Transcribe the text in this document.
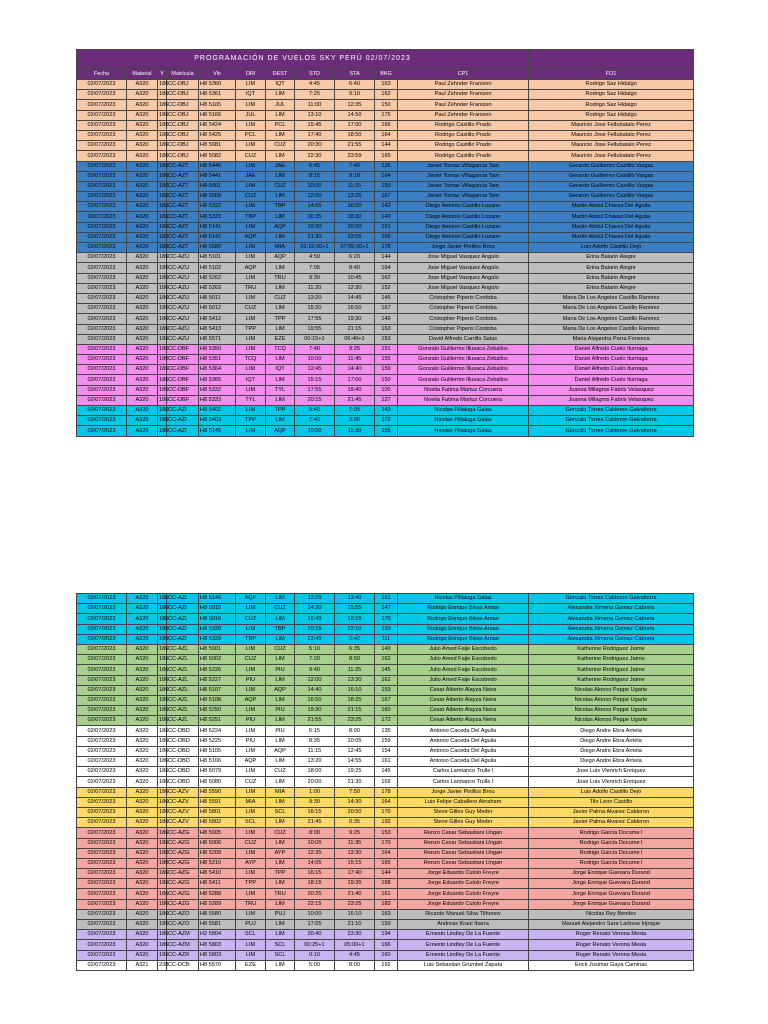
PROGRAMACIÓN DE VUELOS SKY PERÚ 02/07/2023											
Fecha	Material	Y	Matrícula	Vlo	ORI	DEST	STD	STA	BKG	CP1	FO1
02/07/2023	A320	186	CC-DBJ	H8 5360	LIM	IQT	4:45	6:40	163	Paul Zehnder Franizen	Rodrigo Saz Hidalgo
02/07/2023	A320	186	CC-DBJ	H8 5361	IQT	LIM	7:25	9:10	162	Paul Zehnder Franizen	Rodrigo Saz Hidalgo
02/07/2023	A320	186	CC-DBJ	H8 5165	LIM	JUL	11:00	12:35	150	Paul Zehnder Franizen	Rodrigo Saz Hidalgo
02/07/2023	A320	186	CC-DBJ	H8 5166	JUL	LIM	13:10	14:50	175	Paul Zehnder Franizen	Rodrigo Saz Hidalgo
02/07/2023	A320	186	CC-DBJ	H8 5424	LIM	PCL	15:45	17:00	166	Rodrigo Castillo Prado	Mauricio Jose Fellubatalo Perez
02/07/2023	A320	186	CC-DBJ	H8 5425	PCL	LIM	17:40	18:50	164	Rodrigo Castillo Prado	Mauricio Jose Fellubatalo Perez
02/07/2023	A320	186	CC-DBJ	H8 5081	LIM	CUZ	20:30	21:55	144	Rodrigo Castillo Prado	Mauricio Jose Fellubatalo Perez
02/07/2023	A320	186	CC-DBJ	H8 5082	CUZ	LIM	22:30	23:59	165	Rodrigo Castillo Prado	Mauricio Jose Fellubatalo Perez
02/07/2023	A320	186	CC-AZT	H8 5440	LIM	JAE	6:45	7:40	126	Javier Tomas Villagarcia Tam	Gerardo Guillermo Castillo Vargas
02/07/2023	A320	186	CC-AZT	H8 5441	JAE	LIM	8:15	9:10	164	Javier Tomas Villagarcia Tam	Gerardo Guillermo Castillo Vargas
02/07/2023	A320	186	CC-AZT	H8 5001	LIM	CUZ	10:00	11:25	150	Javier Tomas Villagarcia Tam	Gerardo Guillermo Castillo Vargas
02/07/2023	A320	186	CC-AZT	H8 5008	CUZ	LIM	12:00	13:25	167	Javier Tomas Villagarcia Tam	Gerardo Guillermo Castillo Vargas
02/07/2023	A320	186	CC-AZT	H8 5322	LIM	TBP	14:05	16:00	142	Diego Antonio Castillo Lozano	Martin Abdul Chavez Del Aguila
02/07/2023	A320	186	CC-AZT	H8 5323	TBP	LIM	16:35	18:30	140	Diego Antonio Castillo Lozano	Martin Abdul Chavez Del Aguila
02/07/2023	A320	186	CC-AZT	H8 5141	LIM	AQP	19:20	20:50	161	Diego Antonio Castillo Lozano	Martin Abdul Chavez Del Aguila
02/07/2023	A320	186	CC-AZT	H8 5142	AQP	LIM	21:30	23:05	165	Diego Antonio Castillo Lozano	Martin Abdul Chavez Del Aguila
02/07/2023	A320	186	CC-AZT	H8 5580	LIM	MIA	01:15:00+1	07:05:00+1	178	Jorge Javier Pinillos Brou	Luis Adolfo Castillo Dejo
02/07/2023	A320	186	CC-AZU	H8 5101	LIM	AQP	4:50	6:20	144	Jose Miguel Vasquez Angulo	Erina Balarin Alegre
02/07/2023	A320	186	CC-AZU	H8 5102	AQP	LIM	7:05	8:40	164	Jose Miguel Vasquez Angulo	Erina Balarin Alegre
02/07/2023	A320	186	CC-AZU	H8 5262	LIM	TRU	9:30	10:45	162	Jose Miguel Vasquez Angulo	Erina Balarin Alegre
02/07/2023	A320	186	CC-AZU	H8 5263	TRU	LIM	11:20	12:30	152	Jose Miguel Vasquez Angulo	Erina Balarin Alegre
02/07/2023	A320	186	CC-AZU	H8 5011	LIM	CUZ	13:20	14:45	146	Cristopher Piperis Cordoba	Maria De Los Angeles Castillo Ramirez
02/07/2023	A320	186	CC-AZU	H8 5012	CUZ	LIM	15:20	16:50	167	Cristopher Piperis Cordoba	Maria De Los Angeles Castillo Ramirez
02/07/2023	A320	186	CC-AZU	H8 5412	LIM	TPP	17:55	19:30	149	Cristopher Piperis Cordoba	Maria De Los Angeles Castillo Ramirez
02/07/2023	A320	186	CC-AZU	H8 5413	TPP	LIM	19:55	21:15	163	Cristopher Piperis Cordoba	Maria De Los Angeles Castillo Ramirez
02/07/2023	A320	186	CC-AZU	H8 5571	LIM	EZE	00:15+1	06:40+1	153	David Alfredo Carrillo Salas	Maria Alejandra Parra Fonseca
02/07/2023	A320	186	CC-DBF	H8 5350	LIM	TCQ	7:40	9:25	151	Gonzalo Guillermo Illusaca Zeballos	Daniel Alfredo Cuelo Iturriaga
02/07/2023	A320	186	CC-DBF	H8 5351	TCQ	LIM	10:00	11:45	155	Gonzalo Guillermo Illusaca Zeballos	Daniel Alfredo Cuelo Iturriaga
02/07/2023	A320	186	CC-DBF	H8 5364	LIM	IQT	12:45	14:40	159	Gonzalo Guillermo Illusaca Zeballos	Daniel Alfredo Cuelo Iturriaga
02/07/2023	A320	186	CC-DBF	H8 5365	IQT	LIM	15:15	17:00	150	Gonzalo Guillermo Illusaca Zeballos	Daniel Alfredo Cuelo Iturriaga
02/07/2023	A320	186	CC-DBF	H8 5332	LIM	TYL	17:55	19:40	100	Noelia Fatima Martuz Corcuera	Joanna Milagros Fabris Velasquez
02/07/2023	A320	186	CC-DBF	H8 5333	TYL	LIM	20:15	21:45	127	Noelia Fatima Martuz Corcuera	Joanna Milagros Fabris Velasquez
02/07/2023	A320	186	CC-AZI	H8 5402	LIM	TPP	5:40	7:05	143	Nicolas Pillaluga Galas	Gonzalo Torres Calderon Galvalterra
02/07/2023	A320	186	CC-AZI	H8 5403	TPP	LIM	7:40	9:00	172	Nicolas Pillaluga Galas	Gonzalo Torres Calderon Galvalterra
02/07/2023	A320	186	CC-AZI	H8 5145	LIM	AQP	10:00	11:30	155	Nicolas Pillaluga Galas	Gonzalo Torres Calderon Galvalterra
02/07/2023	A320	186	CC-AZI	H8 5146	AQP	LIM	12:05	13:40	161	Nicolas Pillaluga Galas	Gonzalo Torres Calderon Galvalterra
02/07/2023	A320	186	CC-AZI	H8 5015	LIM	CUZ	14:30	15:55	147	Rodrigo Enrique Bless Arnao	Alexandra Ximena Gomez Cabrera
02/07/2023	A320	186	CC-AZI	H8 5016	CUZ	LIM	16:45	18:15	170	Rodrigo Enrique Bless Arnao	Alexandra Ximena Gomez Cabrera
02/07/2023	A320	186	CC-AZI	H8 5328	LIM	TBP	20:15	22:10	120	Rodrigo Enrique Bless Arnao	Alexandra Ximena Gomez Cabrera
02/07/2023	A320	186	CC-AZI	H8 5329	TBP	LIM	22:45	0:40	111	Rodrigo Enrique Bless Arnao	Alexandra Ximena Gomez Cabrera
02/07/2023	A320	186	CC-AZL	H8 5001	LIM	CUZ	5:10	6:35	149	Julio Amed Faije Escobedo	Katherine Rodriguez Jaime
02/07/2023	A320	186	CC-AZL	H8 5002	CUZ	LIM	7:20	8:50	162	Julio Amed Faije Escobedo	Katherine Rodriguez Jaime
02/07/2023	A320	186	CC-AZL	H8 5226	LIM	PIU	9:40	11:25	145	Julio Amed Faije Escobedo	Katherine Rodriguez Jaime
02/07/2023	A320	186	CC-AZL	H8 5227	PIU	LIM	12:00	13:30	162	Julio Amed Faije Escobedo	Katherine Rodriguez Jaime
02/07/2023	A320	186	CC-AZL	H8 5107	LIM	AQP	14:40	16:10	153	Cesar Alberto Alayza Neira	Nicolas Alonso Peppe Ugarte
02/07/2023	A320	186	CC-AZL	H8 5108	AQP	LIM	16:50	18:25	167	Cesar Alberto Alayza Neira	Nicolas Alonso Peppe Ugarte
02/07/2023	A320	186	CC-AZL	H8 5250	LIM	PIU	19:30	21:15	160	Cesar Alberto Alayza Neira	Nicolas Alonso Peppe Ugarte
02/07/2023	A320	186	CC-AZL	H8 5251	PIU	LIM	21:55	23:25	172	Cesar Alberto Alayza Neira	Nicolas Alonso Peppe Ugarte
02/07/2023	A320	186	CC-DBD	H8 5224	LIM	PIU	6:15	8:00	135	Antonio Caceda Del Aguila	Diego Andre Ebra Arriela
02/07/2023	A320	186	CC-DBD	H8 5225	PIU	LIM	8:35	10:05	159	Antonio Caceda Del Aguila	Diego Andre Ebra Arriela
02/07/2023	A320	186	CC-DBD	H8 5105	LIM	AQP	11:15	12:45	154	Antonio Caceda Del Aguila	Diego Andre Ebra Arriela
02/07/2023	A320	186	CC-DBD	H8 5106	AQP	LIM	13:20	14:55	161	Antonio Caceda Del Aguila	Diego Andre Ebra Arriela
02/07/2023	A320	186	CC-DBD	H8 5079	LIM	CUZ	18:00	19:25	145	Carlos Lamtanco Trulle l	Jose Luis Vlenrich Enriquez
02/07/2023	A320	186	CC-DBD	H8 5080	CUZ	LIM	20:00	21:30	169	Carlos Lamtanco Trulle l	Jose Luis Vlenrich Enriquez
02/07/2023	A320	186	CC-AZV	H8 5590	LIM	MIA	1:00	7:50	178	Jorge Javier Pinillos Brou	Luis Adolfo Castillo Dejo
02/07/2023	A320	186	CC-AZV	H8 5591	MIA	LIM	9:30	14:30	164	Luis Felipe Caballero Abraham	Tilo Leon Castillo
02/07/2023	A320	186	CC-AZV	H8 5801	LIM	SCL	16:15	20:50	170	Steve Gilles Guy Meder	Javier Palma Alvarez Calderon
02/07/2023	A320	186	CC-AZV	H8 5802	SCL	LIM	21:45	0:35	192	Steve Gilles Guy Meder	Javier Palma Alvarez Calderon
02/07/2023	A320	186	CC-AZG	H8 5005	LIM	CUZ	8:00	9:25	153	Renzo Cesar Sebastiani Ungan	Rodrigo Garcia Docume l
02/07/2023	A320	186	CC-AZG	H8 5006	CUZ	LIM	10:05	11:35	170	Renzo Cesar Sebastiani Ungan	Rodrigo Garcia Docume l
02/07/2023	A320	186	CC-AZG	H8 5209	LIM	AYP	12:25	13:30	164	Renzo Cesar Sebastiani Ungan	Rodrigo Garcia Docume l
02/07/2023	A320	186	CC-AZG	H8 5210	AYP	LIM	14:05	15:15	165	Renzo Cesar Sebastiani Ungan	Rodrigo Garcia Docume l
02/07/2023	A320	186	CC-AZG	H8 5410	LIM	TPP	16:15	17:40	144	Jorge Eduardo Culolo Freyre	Jorge Enrique Guevara Durand
02/07/2023	A320	186	CC-AZG	H8 5411	TPP	LIM	18:15	19:35	158	Jorge Eduardo Culolo Freyre	Jorge Enrique Guevara Durand
02/07/2023	A320	186	CC-AZG	H8 5288	LIM	TRU	20:25	21:40	161	Jorge Eduardo Culolo Freyre	Jorge Enrique Guevara Durand
02/07/2023	A320	186	CC-AZG	H8 5289	TRU	LIM	22:15	23:25	183	Jorge Eduardo Culolo Freyre	Jorge Enrique Guevara Durand
02/07/2023	A320	186	CC-AZO	H8 5580	LIM	PUJ	10:00	16:10	163	Ricardo Manuel Silva Tlihonov	Nicolas Rey Benites
02/07/2023	A320	186	CC-AZO	H8 5581	PUJ	LIM	17:05	21:10	159	Andreas Kraul Ibarra	Manuel Alejandro Sara Larbsse Irijoque
02/07/2023	A320	186	CC-AZM	H2 5804	SCL	LIM	20:40	23:30	194	Ernesto Lindley De La Fuente	Roger Renato Verona Mesia
02/07/2023	A320	186	CC-AZM	H8 5803	LIM	SCL	00:25+1	05:00+1	166	Ernesto Lindley De La Fuente	Roger Renato Verona Mesia
02/07/2023	A320	186	CC-AZR	H8 5803	LIM	SCL	0:10	4:45	160	Ernesto Lindley De La Fuente	Roger Renato Verona Mesia
02/07/2023	A321	238	CC-DCB	H8 5570	EZE	LIM	5:00	8:00	192	Luis Sebastian Grumbel Zapata	Erick Josimar Gaya Caminas
